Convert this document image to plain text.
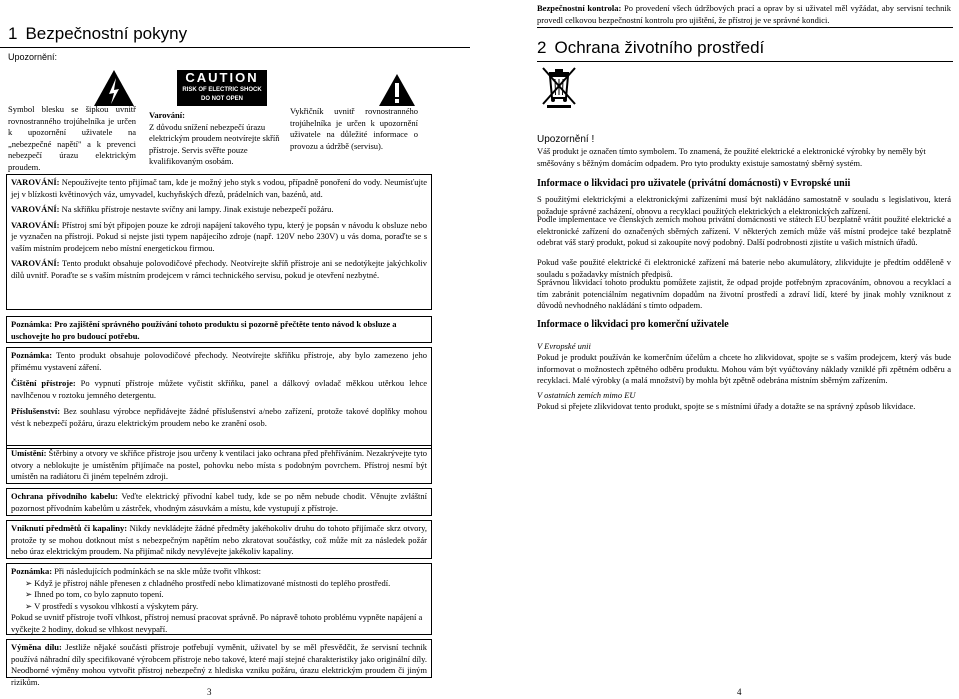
1 Bezpečnostní pokyny
Upozornění:
Symbol blesku se šipkou uvnitř rovnostranného trojúhelníka je určen k upozornění uživatele na „nebezpečné napětí" a k prevenci nebezpečí úrazu elektrickým proudem.
CAUTION
RISK OF ELECTRIC SHOCK
DO NOT OPEN
Varování:
Z důvodu snížení nebezpečí úrazu elektrickým proudem neotvírejte skříň přístroje. Servis svěřte pouze kvalifikovaným osobám.
Vykřičník uvnitř rovnostranného trojúhelníka je určen k upozornění uživatele na důležité informace o provozu a údržbě (servisu).
VAROVÁNÍ: Nepoužívejte tento přijímač tam, kde je možný jeho styk s vodou, případně ponoření do vody. Neumísťujte jej v blízkosti květinových váz, umyvadel, kuchyňských dřezů, prádelních van, bazénů, atd.
VAROVÁNÍ: Na skříňku přístroje nestavte svíčny ani lampy. Jinak existuje nebezpečí požáru.
VAROVÁNÍ: Přístroj smí být připojen pouze ke zdroji napájení takového typu, který je popsán v návodu k obsluze nebo je vyznačen na přístroji. Pokud si nejste jisti typem napájecího zdroje (např. 120V nebo 230V) u vás doma, poraďte se s vaším místním prodejcem nebo místní energetickou firmou.
VAROVÁNÍ: Tento produkt obsahuje polovodičové přechody. Neotvírejte skříň přístroje ani se nedotýkejte jakýchkoliv dílů uvnitř. Poraďte se s vaším místním prodejcem v rámci technického servisu, pokud je otevření nezbytné.
Poznámka: Pro zajištění správného používání tohoto produktu si pozorně přečtěte tento návod k obsluze a uschovejte ho pro budoucí potřebu.
Poznámka: Tento produkt obsahuje polovodičové přechody. Neotvírejte skříňku přístroje, aby bylo zamezeno jeho přímému vystavení záření.
Čištění přístroje: Po vypnutí přístroje můžete vyčistit skříňku, panel a dálkový ovladač měkkou utěrkou lehce navlhčenou v roztoku jemného detergentu.
Příslušenství: Bez souhlasu výrobce nepřidávejte žádné příslušenství a/nebo zařízení, protože takové doplňky mohou vést k nebezpečí požáru, úrazu elektrickým proudem nebo ke zranění osob.
Umístění: Štěrbiny a otvory ve skříňce přístroje jsou určeny k ventilaci jako ochrana před přehříváním. Nezakrývejte tyto otvory a neblokujte je umístěním přijímače na postel, pohovku nebo místa s podobným povrchem. Přístroj nesmí být umístěn na radiátoru či jiném tepelném zdroji.
Ochrana přívodního kabelu: Veďte elektrický přívodní kabel tudy, kde se po něm nebude chodit. Věnujte zvláštní pozornost přívodním kabelům u zástrček, vhodným zásuvkám a místu, kde vystupují z přístroje.
Vniknutí předmětů či kapaliny: Nikdy nevkládejte žádné předměty jakéhokoliv druhu do tohoto přijímače skrz otvory, protože ty se mohou dotknout míst s nebezpečným napětím nebo zkratovat součástky, což může mít za následek požár nebo úraz elektrickým proudem. Na přijímač nikdy nevylévejte jakékoliv kapaliny.
Poznámka: Při následujících podmínkách se na skle může tvořit vlhkost:
➢ Když je přístroj náhle přenesen z chladného prostředí nebo klimatizované místnosti do teplého prostředí.
➢ Ihned po tom, co bylo zapnuto topení.
➢ V prostředí s vysokou vlhkostí a výskytem páry.
Pokud se uvnitř přístroje tvoří vlhkost, přístroj nemusí pracovat správně. Po nápravě tohoto problému vypněte napájení a vyčkejte 2 hodiny, dokud se vlhkost nevypaří.
Výměna dílu: Jestliže nějaké součásti přístroje potřebují vyměnit, uživatel by se měl přesvědčit, že servisní technik používá náhradní díly specifikované výrobcem přístroje nebo takové, které mají stejné charakteristiky jako originální díly. Neodborné výměny mohou vytvořit přístroj nebezpečný z hlediska vzniku požáru, úrazu elektrickým proudem či jiným rizikům.
3
Bezpečnostní kontrola: Po provedení všech údržbových prací a oprav by si uživatel měl vyžádat, aby servisní technik provedl celkovou bezpečnostní kontrolu pro ujištění, že přístroj je ve správné kondici.
2 Ochrana životního prostředí
Upozornění !
Váš produkt je označen tímto symbolem. To znamená, že použité elektrické a elektronické výrobky by neměly být směšovány s běžným domácím odpadem. Pro tyto produkty existuje samostatný sběrný systém.
Informace o likvidaci pro uživatele (privátní domácnosti) v Evropské unii
S použitými elektrickými a elektronickými zařízeními musí být nakládáno samostatně v souladu s legislativou, která požaduje správné zacházení, obnovu a recyklaci použitých elektrických a elektronických zařízení.
Podle implementace ve členských zemích mohou privátní domácnosti ve státech EU bezplatně vrátit použité elektrické a elektronické zařízení do označených sběrných zařízení. V některých zemích může váš místní prodejce také bezplatně odebrat váš starý produkt, pokud si zakoupíte nový podobný. Další podrobnosti zjistíte u vašich místních úřadů.
Pokud vaše použité elektrické či elektronické zařízení má baterie nebo akumulátory, zlikvidujte je předtím odděleně v souladu s požadavky místních předpisů.
Správnou likvidací tohoto produktu pomůžete zajistit, že odpad projde potřebným zpracováním, obnovou a recyklací a tím zabránit potenciálním negativním dopadům na životní prostředí a zdraví lidí, které by jinak mohly vzniknout z důvodů nevhodného nakládání s tímto odpadem.
Informace o likvidaci pro komerční uživatele
V Evropské unii
Pokud je produkt používán ke komerčním účelům a chcete ho zlikvidovat, spojte se s vaším prodejcem, který vás bude informovat o možnostech zpětného odběru produktu. Mohou vám být vyúčtovány náklady vzniklé při zpětném odběru a recyklaci. Malé výrobky (a malá množství) by mohla být zpětně odebrána místním sběrným zařízením.
V ostatních zemích mimo EU
Pokud si přejete zlikvidovat tento produkt, spojte se s místními úřady a dotažte se na správný způsob likvidace.
4
